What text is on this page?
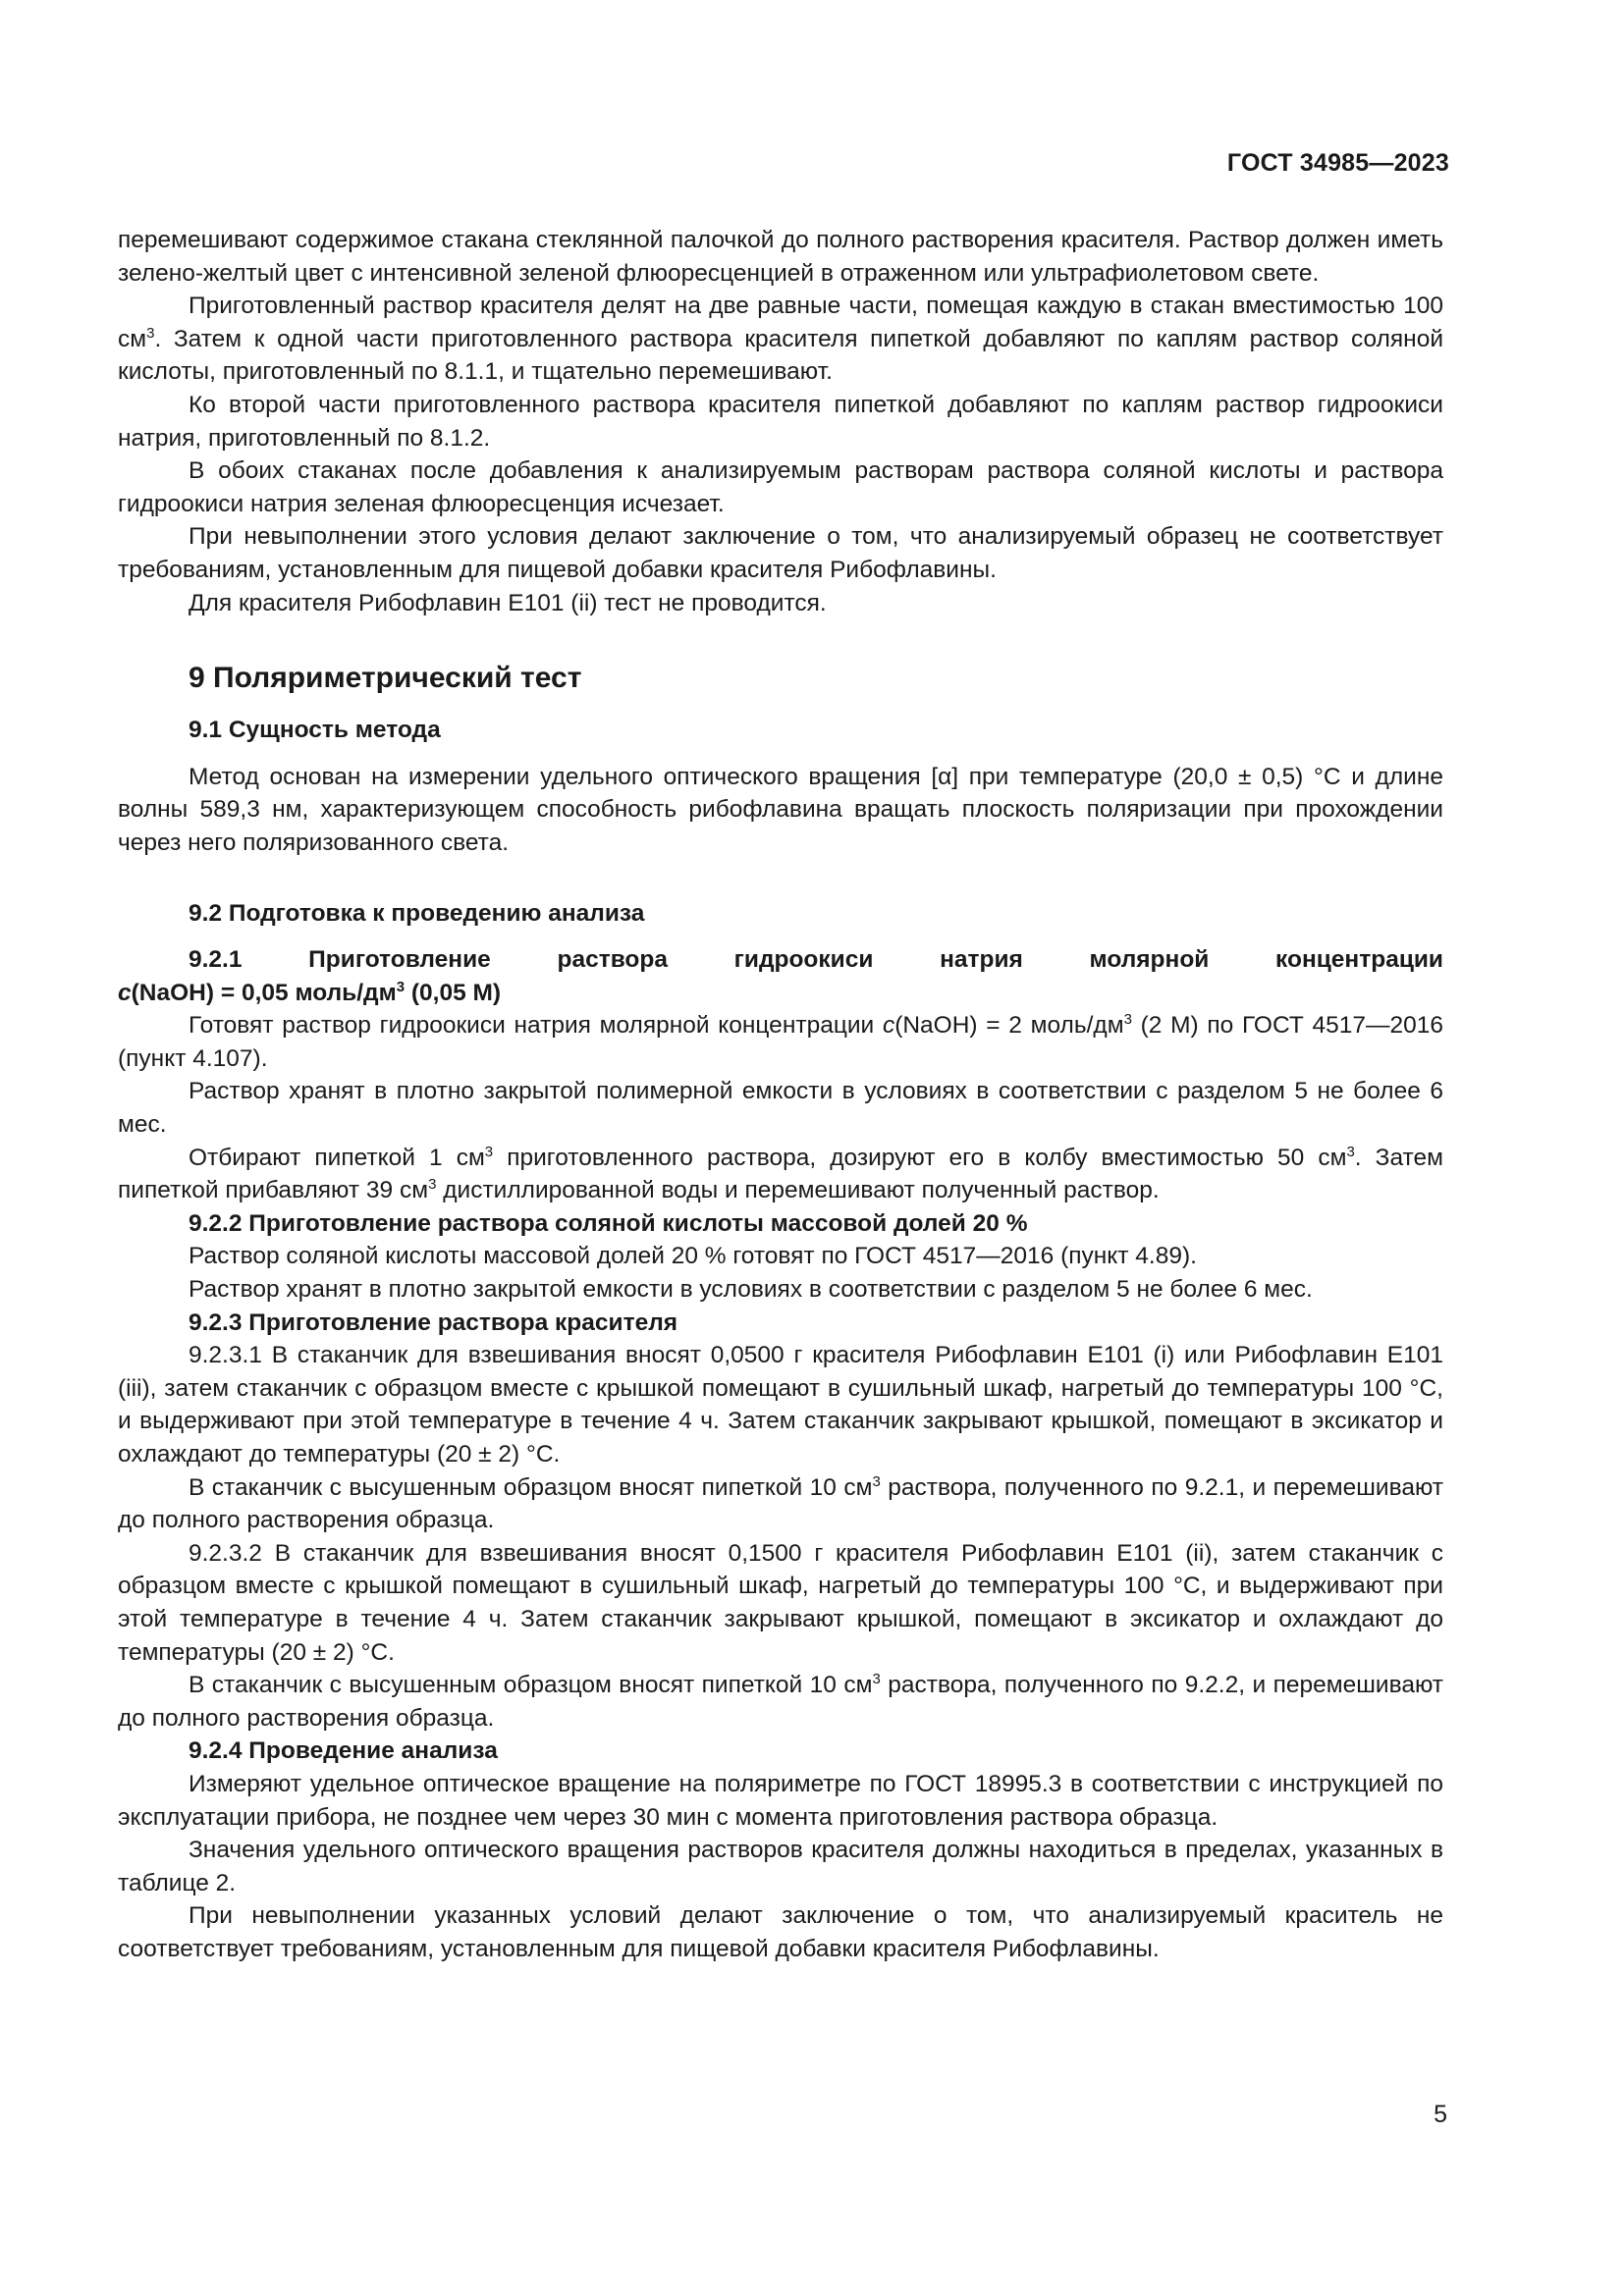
ГОСТ 34985—2023

перемешивают содержимое стакана стеклянной палочкой до полного растворения красителя. Раствор должен иметь зелено-желтый цвет с интенсивной зеленой флюоресценцией в отраженном или ультрафиолетовом свете.

Приготовленный раствор красителя делят на две равные части, помещая каждую в стакан вместимостью 100 $см^3$. Затем к одной части приготовленного раствора красителя пипеткой добавляют по каплям раствор соляной кислоты, приготовленный по 8.1.1, и тщательно перемешивают.

Ко второй части приготовленного раствора красителя пипеткой добавляют по каплям раствор гидроокиси натрия, приготовленный по 8.1.2.

В обоих стаканах после добавления к анализируемым растворам раствора соляной кислоты и раствора гидроокиси натрия зеленая флюоресценция исчезает.

При невыполнении этого условия делают заключение о том, что анализируемый образец не соответствует требованиям, установленным для пищевой добавки красителя Рибофлавины.

Для красителя Рибофлавин Е101 (ii) тест не проводится.

9 Поляриметрический тест
9.1 Сущность метода

Метод основан на измерении удельного оптического вращения [α] при температуре (20,0 ± 0,5) °С и длине волны 589,3 нм, характеризующем способность рибофлавина вращать плоскость поляризации при прохождении через него поляризованного света.

9.2 Подготовка к проведению анализа

9.2.1 Приготовление раствора гидроокиси натрия молярной концентрации

с(NaOH) = 0,05 моль/$дм^3$ (0,05 М)

Готовят раствор гидроокиси натрия молярной концентрации с(NaOH) = 2 моль/$дм^3$ (2 М) по ГОСТ 4517—2016 (пункт 4.107).

Раствор хранят в плотно закрытой полимерной емкости в условиях в соответствии с разделом 5 не более 6 мес.

Отбирают пипеткой 1 $см^3$ приготовленного раствора, дозируют его в колбу вместимостью 50 $см^3$. Затем пипеткой прибавляют 39 $см^3$ дистиллированной воды и перемешивают полученный раствор.

9.2.2 Приготовление раствора соляной кислоты массовой долей 20 %

Раствор соляной кислоты массовой долей 20 % готовят по ГОСТ 4517—2016 (пункт 4.89).

Раствор хранят в плотно закрытой емкости в условиях в соответствии с разделом 5 не более 6 мес.

9.2.3 Приготовление раствора красителя

9.2.3.1 В стаканчик для взвешивания вносят 0,0500 г красителя Рибофлавин Е101 (i) или Рибофлавин Е101 (iii), затем стаканчик с образцом вместе с крышкой помещают в сушильный шкаф, нагретый до температуры 100 °С, и выдерживают при этой температуре в течение 4 ч. Затем стаканчик закрывают крышкой, помещают в эксикатор и охлаждают до температуры (20 ± 2) °С.

В стаканчик с высушенным образцом вносят пипеткой 10 $см^3$ раствора, полученного по 9.2.1, и перемешивают до полного растворения образца.

9.2.3.2 В стаканчик для взвешивания вносят 0,1500 г красителя Рибофлавин Е101 (ii), затем стаканчик с образцом вместе с крышкой помещают в сушильный шкаф, нагретый до температуры 100 °С, и выдерживают при этой температуре в течение 4 ч. Затем стаканчик закрывают крышкой, помещают в эксикатор и охлаждают до температуры (20 ± 2) °С.

В стаканчик с высушенным образцом вносят пипеткой 10 $см^3$ раствора, полученного по 9.2.2, и перемешивают до полного растворения образца.

9.2.4 Проведение анализа

Измеряют удельное оптическое вращение на поляриметре по ГОСТ 18995.3 в соответствии с инструкцией по эксплуатации прибора, не позднее чем через 30 мин с момента приготовления раствора образца.

Значения удельного оптического вращения растворов красителя должны находиться в пределах, указанных в таблице 2.

При невыполнении указанных условий делают заключение о том, что анализируемый краситель не соответствует требованиям, установленным для пищевой добавки красителя Рибофлавины.

5
